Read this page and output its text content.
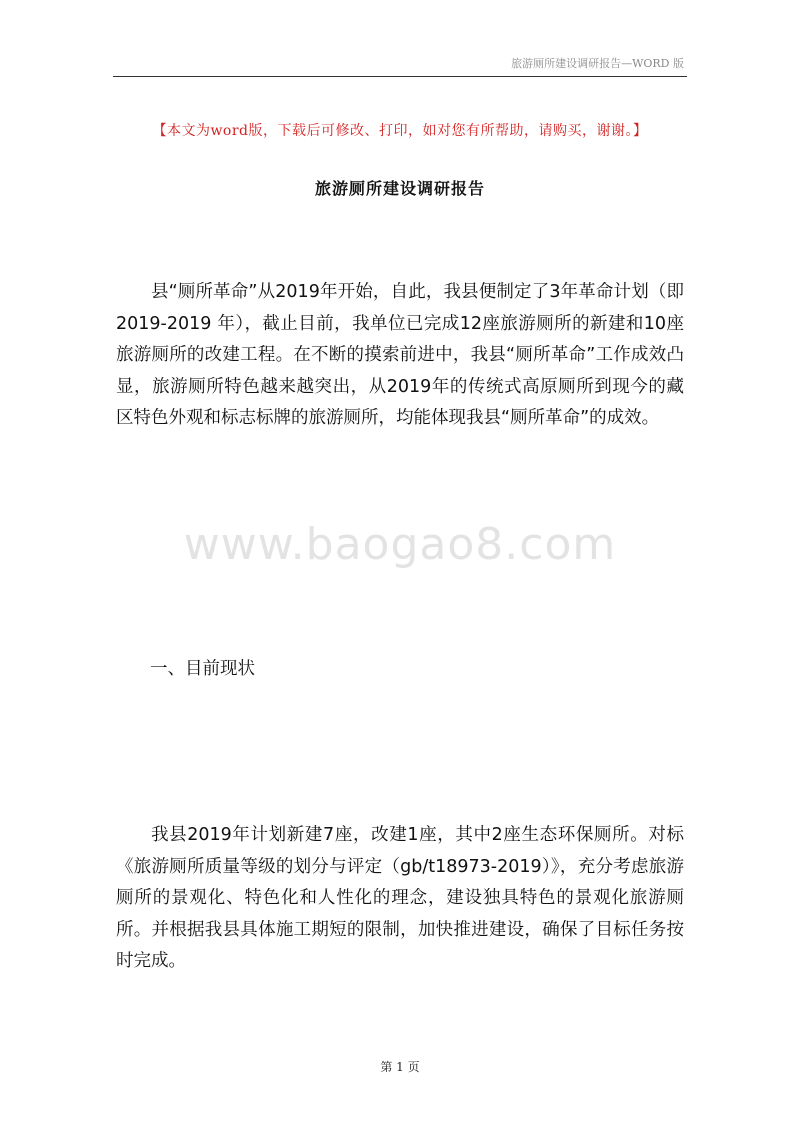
旅游厕所建设调研报告—WORD 版
【本文为word版，下载后可修改、打印，如对您有所帮助，请购买，谢谢。】
旅游厕所建设调研报告

县“厕所革命”从2019年开始，自此，我县便制定了3年革命计划（即 2019-2019 年），截止目前，我单位已完成12座旅游厕所的新建和10座旅游厕所的改建工程。在不断的摸索前进中，我县“厕所革命”工作成效凸显，旅游厕所特色越来越突出，从2019年的传统式高原厕所到现今的藏区特色外观和标志标牌的旅游厕所，均能体现我县“厕所革命”的成效。

www.baogao8.com

一、目前现状

我县2019年计划新建7座，改建1座，其中2座生态环保厕所。对标《旅游厕所质量等级的划分与评定（gb/t18973-2019）》，充分考虑旅游厕所的景观化、特色化和人性化的理念，建设独具特色的景观化旅游厕所。并根据我县具体施工期短的限制，加快推进建设，确保了目标任务按时完成。

第 1 页
